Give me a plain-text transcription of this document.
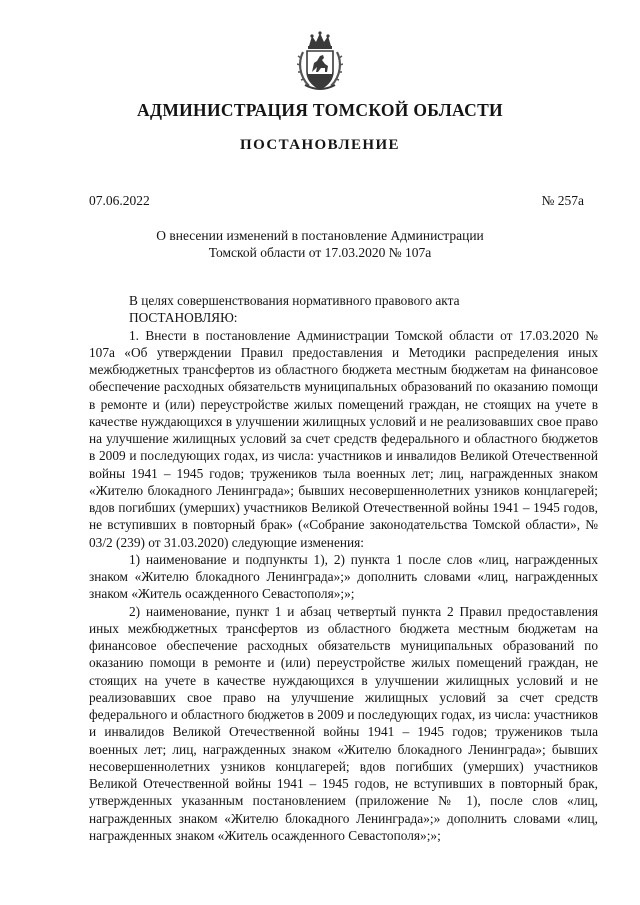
АДМИНИСТРАЦИЯ ТОМСКОЙ ОБЛАСТИ
ПОСТАНОВЛЕНИЕ
07.06.2022	№ 257а
О внесении изменений в постановление Администрации
Томской области от 17.03.2020 № 107а

В целях совершенствования нормативного правового акта

ПОСТАНОВЛЯЮ:

1. Внести в постановление Администрации Томской области от 17.03.2020 № 107а «Об утверждении Правил предоставления и Методики распределения иных межбюджетных трансфертов из областного бюджета местным бюджетам на финансовое обеспечение расходных обязательств муниципальных образований по оказанию помощи в ремонте и (или) переустройстве жилых помещений граждан, не стоящих на учете в качестве нуждающихся в улучшении жилищных условий и не реализовавших свое право на улучшение жилищных условий за счет средств федерального и областного бюджетов в 2009 и последующих годах, из числа: участников и инвалидов Великой Отечественной войны 1941 – 1945 годов; тружеников тыла военных лет; лиц, награжденных знаком «Жителю блокадного Ленинграда»; бывших несовершеннолетних узников концлагерей; вдов погибших (умерших) участников Великой Отечественной войны 1941 – 1945 годов, не вступивших в повторный брак» («Собрание законодательства Томской области», № 03/2 (239) от 31.03.2020) следующие изменения:

1) наименование и подпункты 1), 2) пункта 1 после слов «лиц, награжденных знаком «Жителю блокадного Ленинграда»;» дополнить словами «лиц, награжденных знаком «Житель осажденного Севастополя»;»;

2) наименование, пункт 1 и абзац четвертый пункта 2 Правил предоставления иных межбюджетных трансфертов из областного бюджета местным бюджетам на финансовое обеспечение расходных обязательств муниципальных образований по оказанию помощи в ремонте и (или) переустройстве жилых помещений граждан, не стоящих на учете в качестве нуждающихся в улучшении жилищных условий и не реализовавших свое право на улучшение жилищных условий за счет средств федерального и областного бюджетов в 2009 и последующих годах, из числа: участников и инвалидов Великой Отечественной войны 1941 – 1945 годов; тружеников тыла военных лет; лиц, награжденных знаком «Жителю блокадного Ленинграда»; бывших несовершеннолетних узников концлагерей; вдов погибших (умерших) участников Великой Отечественной войны 1941 – 1945 годов, не вступивших в повторный брак, утвержденных указанным постановлением (приложение № 1), после слов «лиц, награжденных знаком «Жителю блокадного Ленинграда»;» дополнить словами «лиц, награжденных знаком «Житель осажденного Севастополя»;»;
